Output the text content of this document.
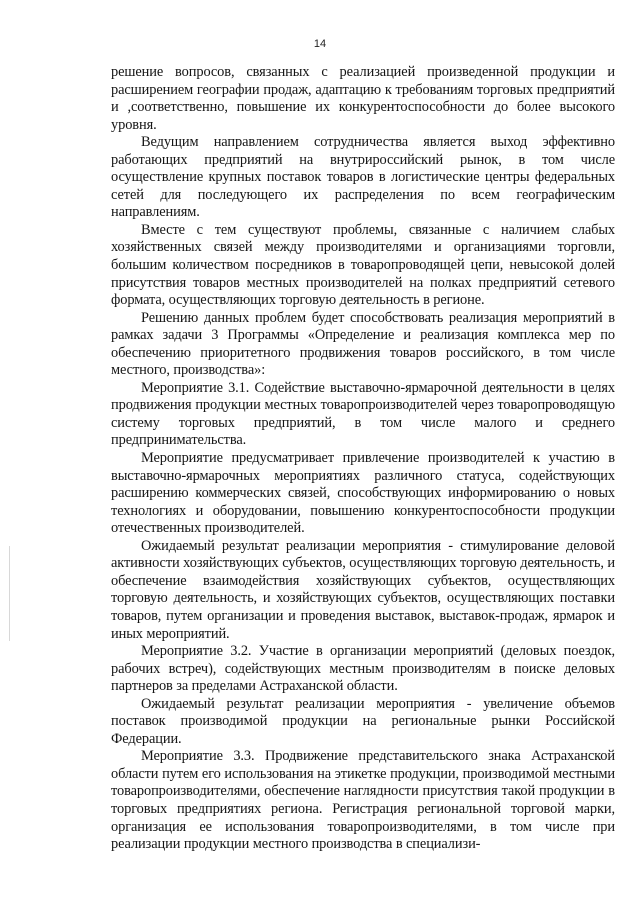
14

решение вопросов, связанных с реализацией произведенной продукции и расширением географии продаж, адаптацию к требованиям торговых предприятий и ,соответственно, повышение их конкурентоспособности до более высокого уровня.

Ведущим направлением сотрудничества является выход эффективно работающих предприятий на внутрироссийский рынок, в том числе осуществление крупных поставок товаров в логистические центры федеральных сетей для последующего их распределения по всем географическим направлениям.

Вместе с тем существуют проблемы, связанные с наличием слабых хозяйственных связей между производителями и организациями торговли, большим количеством посредников в товаропроводящей цепи, невысокой долей присутствия товаров местных производителей на полках предприятий сетевого формата, осуществляющих торговую деятельность в регионе.

Решению данных проблем будет способствовать реализация мероприятий в рамках задачи 3 Программы «Определение и реализация комплекса мер по обеспечению приоритетного продвижения товаров российского, в том числе местного, производства»:

Мероприятие 3.1. Содействие выставочно-ярмарочной деятельности в целях продвижения продукции местных товаропроизводителей через товаропроводящую систему торговых предприятий, в том числе малого и среднего предпринимательства.

Мероприятие предусматривает привлечение производителей к участию в выставочно-ярмарочных мероприятиях различного статуса, содействующих расширению коммерческих связей, способствующих информированию о новых технологиях и оборудовании, повышению конкурентоспособности продукции отечественных производителей.

Ожидаемый результат реализации мероприятия - стимулирование деловой активности хозяйствующих субъектов, осуществляющих торговую деятельность, и обеспечение взаимодействия хозяйствующих субъектов, осуществляющих торговую деятельность, и хозяйствующих субъектов, осуществляющих поставки товаров, путем организации и проведения выставок, выставок-продаж, ярмарок и иных мероприятий.

Мероприятие 3.2. Участие в организации мероприятий (деловых поездок, рабочих встреч), содействующих местным производителям в поиске деловых партнеров за пределами Астраханской области.

Ожидаемый результат реализации мероприятия - увеличение объемов поставок производимой продукции на региональные рынки Российской Федерации.

Мероприятие 3.3. Продвижение представительского знака Астраханской области путем его использования на этикетке продукции, производимой местными товаропроизводителями, обеспечение наглядности присутствия такой продукции в торговых предприятиях региона. Регистрация региональной торговой марки, организация ее использования товаропроизводителями, в том числе при реализации продукции местного производства в специализи-
